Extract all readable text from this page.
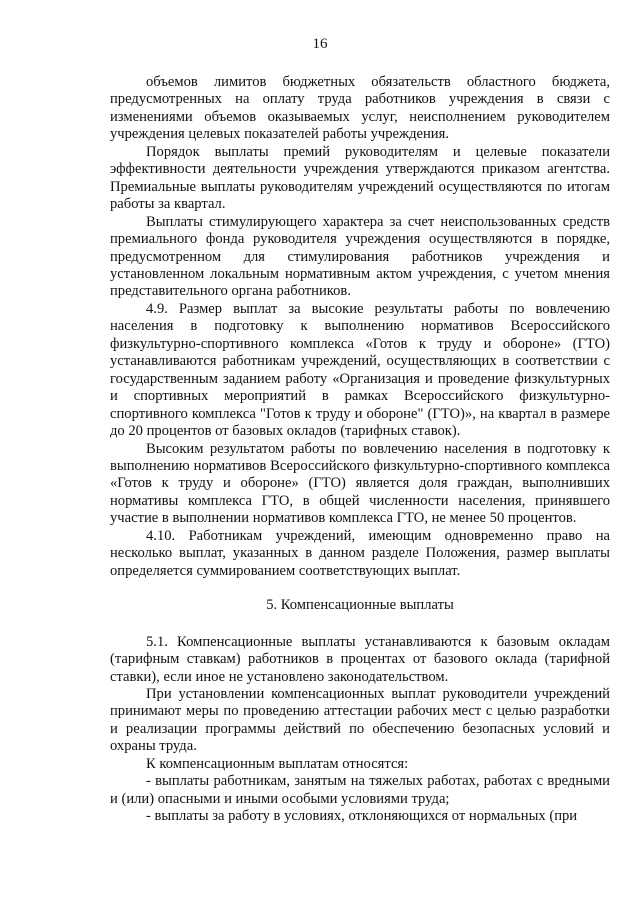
16

объемов лимитов бюджетных обязательств областного бюджета, предусмотренных на оплату труда работников учреждения в связи с изменениями объемов оказываемых услуг, неисполнением руководителем учреждения целевых показателей работы учреждения.

Порядок выплаты премий руководителям и целевые показатели эффективности деятельности учреждения утверждаются приказом агентства. Премиальные выплаты руководителям учреждений осуществляются по итогам работы за квартал.

Выплаты стимулирующего характера за счет неиспользованных средств премиального фонда руководителя учреждения осуществляются в порядке, предусмотренном для стимулирования работников учреждения и установленном локальным нормативным актом учреждения, с учетом мнения представительного органа работников.

4.9. Размер выплат за высокие результаты работы по вовлечению населения в подготовку к выполнению нормативов Всероссийского физкультурно-спортивного комплекса «Готов к труду и обороне» (ГТО) устанавливаются работникам учреждений, осуществляющих в соответствии с государственным заданием работу «Организация и проведение физкультурных и спортивных мероприятий в рамках Всероссийского физкультурно-спортивного комплекса "Готов к труду и обороне" (ГТО)», на квартал в размере до 20 процентов от базовых окладов (тарифных ставок).

Высоким результатом работы по вовлечению населения в подготовку к выполнению нормативов Всероссийского физкультурно-спортивного комплекса «Готов к труду и обороне» (ГТО) является доля граждан, выполнивших нормативы комплекса ГТО, в общей численности населения, принявшего участие в выполнении нормативов комплекса ГТО, не менее 50 процентов.

4.10. Работникам учреждений, имеющим одновременно право на несколько выплат, указанных в данном разделе Положения, размер выплаты определяется суммированием соответствующих выплат.

5. Компенсационные выплаты

5.1. Компенсационные выплаты устанавливаются к базовым окладам (тарифным ставкам) работников в процентах от базового оклада (тарифной ставки), если иное не установлено законодательством.

При установлении компенсационных выплат руководители учреждений принимают меры по проведению аттестации рабочих мест с целью разработки и реализации программы действий по обеспечению безопасных условий и охраны труда.

К компенсационным выплатам относятся:

- выплаты работникам, занятым на тяжелых работах, работах с вредными и (или) опасными и иными особыми условиями труда;

- выплаты за работу в условиях, отклоняющихся от нормальных (при
